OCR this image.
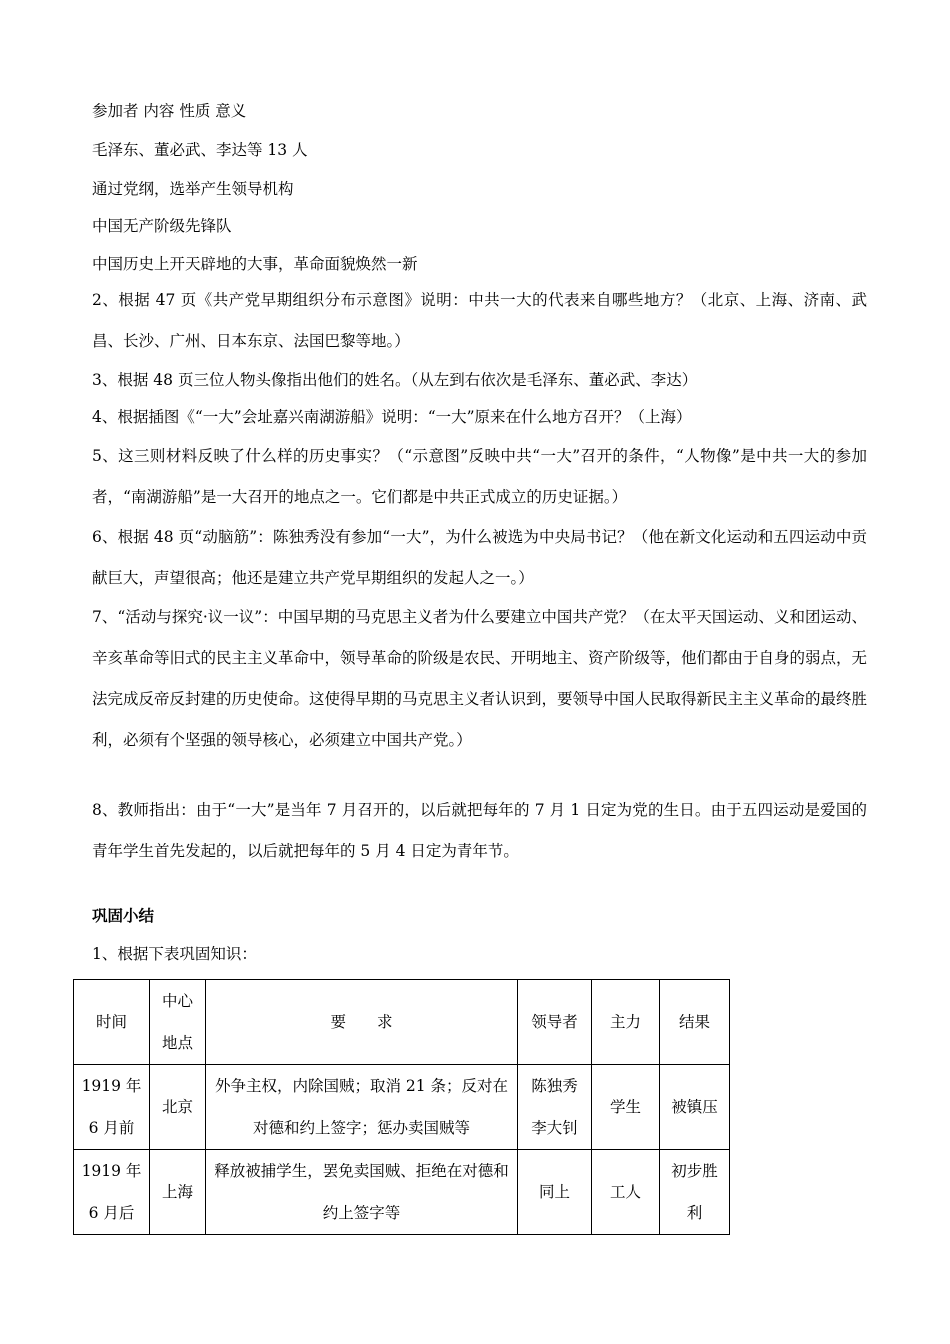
参加者 内容 性质 意义
毛泽东、董必武、李达等 13 人
通过党纲，选举产生领导机构
中国无产阶级先锋队
中国历史上开天辟地的大事，革命面貌焕然一新
2、根据 47 页《共产党早期组织分布示意图》说明：中共一大的代表来自哪些地方？（北京、上海、济南、武昌、长沙、广州、日本东京、法国巴黎等地。）
3、根据 48 页三位人物头像指出他们的姓名。（从左到右依次是毛泽东、董必武、李达）
4、根据插图《“一大”会址嘉兴南湖游船》说明：“一大”原来在什么地方召开？（上海）
5、这三则材料反映了什么样的历史事实？（“示意图”反映中共“一大”召开的条件，“人物像”是中共一大的参加者，“南湖游船”是一大召开的地点之一。它们都是中共正式成立的历史证据。）
6、根据 48 页“动脑筋”：陈独秀没有参加“一大”，为什么被选为中央局书记？（他在新文化运动和五四运动中贡献巨大，声望很高；他还是建立共产党早期组织的发起人之一。）
7、“活动与探究·议一议”：中国早期的马克思主义者为什么要建立中国共产党？（在太平天国运动、义和团运动、辛亥革命等旧式的民主主义革命中，领导革命的阶级是农民、开明地主、资产阶级等，他们都由于自身的弱点，无法完成反帝反封建的历史使命。这使得早期的马克思主义者认识到，要领导中国人民取得新民主主义革命的最终胜利，必须有个坚强的领导核心，必须建立中国共产党。）
8、教师指出：由于“一大”是当年 7 月召开的，以后就把每年的 7 月 1 日定为党的生日。由于五四运动是爱国的青年学生首先发起的，以后就把每年的 5 月 4 日定为青年节。
巩固小结
1、根据下表巩固知识：
时间	中心地点	要　　求	领导者	主力	结果
1919 年 6 月前	北京	外争主权，内除国贼；取消 21 条；反对在对德和约上签字；惩办卖国贼等	陈独秀李大钊	学生	被镇压
1919 年 6 月后	上海	释放被捕学生，罢免卖国贼、拒绝在对德和约上签字等	同上	工人	初步胜利
